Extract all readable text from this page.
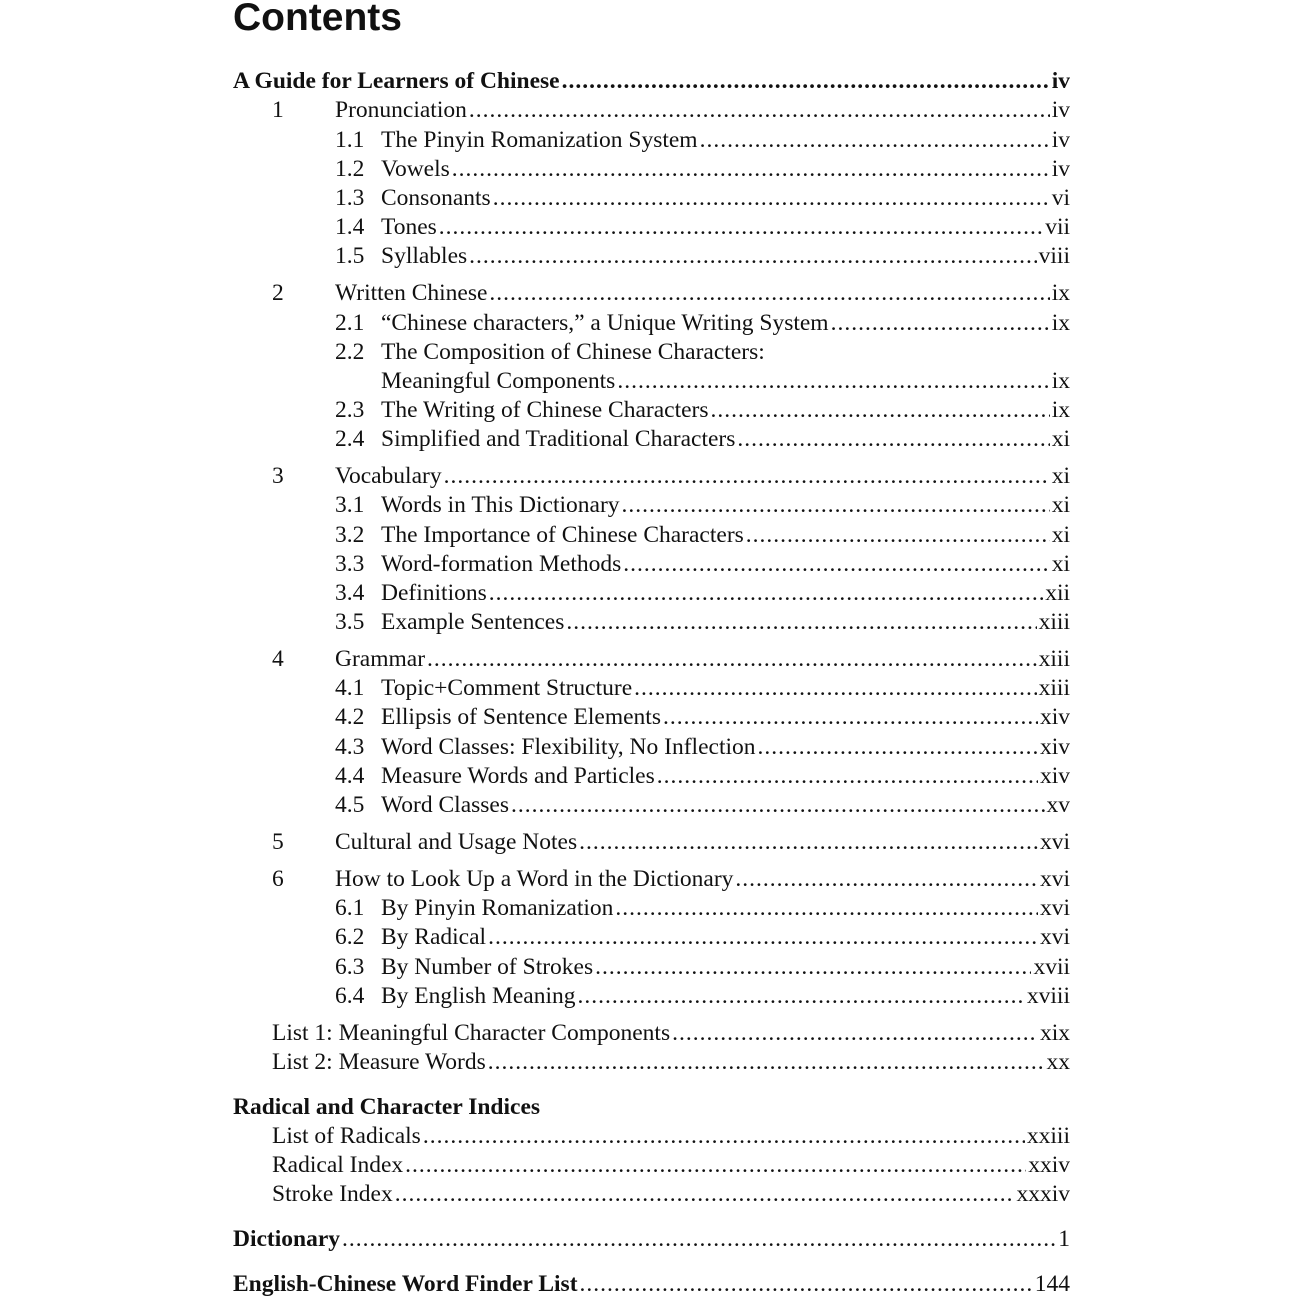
Contents
A Guide for Learners of Chinese .....	iv
1 Pronunciation .....	iv
1.1 The Pinyin Romanization System .....	iv
1.2 Vowels .....	iv
1.3 Consonants .....	vi
1.4 Tones .....	vii
1.5 Syllables .....	viii
2 Written Chinese .....	ix
2.1 “Chinese characters,” a Unique Writing System .....	ix
2.2 The Composition of Chinese Characters:
Meaningful Components .....	ix
2.3 The Writing of Chinese Characters .....	ix
2.4 Simplified and Traditional Characters .....	xi
3 Vocabulary .....	xi
3.1 Words in This Dictionary .....	xi
3.2 The Importance of Chinese Characters .....	xi
3.3 Word-formation Methods .....	xi
3.4 Definitions .....	xii
3.5 Example Sentences .....	xiii
4 Grammar .....	xiii
4.1 Topic+Comment Structure .....	xiii
4.2 Ellipsis of Sentence Elements .....	xiv
4.3 Word Classes: Flexibility, No Inflection .....	xiv
4.4 Measure Words and Particles .....	xiv
4.5 Word Classes .....	xv
5 Cultural and Usage Notes .....	xvi
6 How to Look Up a Word in the Dictionary .....	xvi
6.1 By Pinyin Romanization .....	xvi
6.2 By Radical .....	xvi
6.3 By Number of Strokes .....	xvii
6.4 By English Meaning .....	xviii
List 1: Meaningful Character Components .....	xix
List 2: Measure Words .....	xx
Radical and Character Indices
List of Radicals .....	xxiii
Radical Index .....	xxiv
Stroke Index .....	xxxiv
Dictionary .....	1
English-Chinese Word Finder List .....	144
